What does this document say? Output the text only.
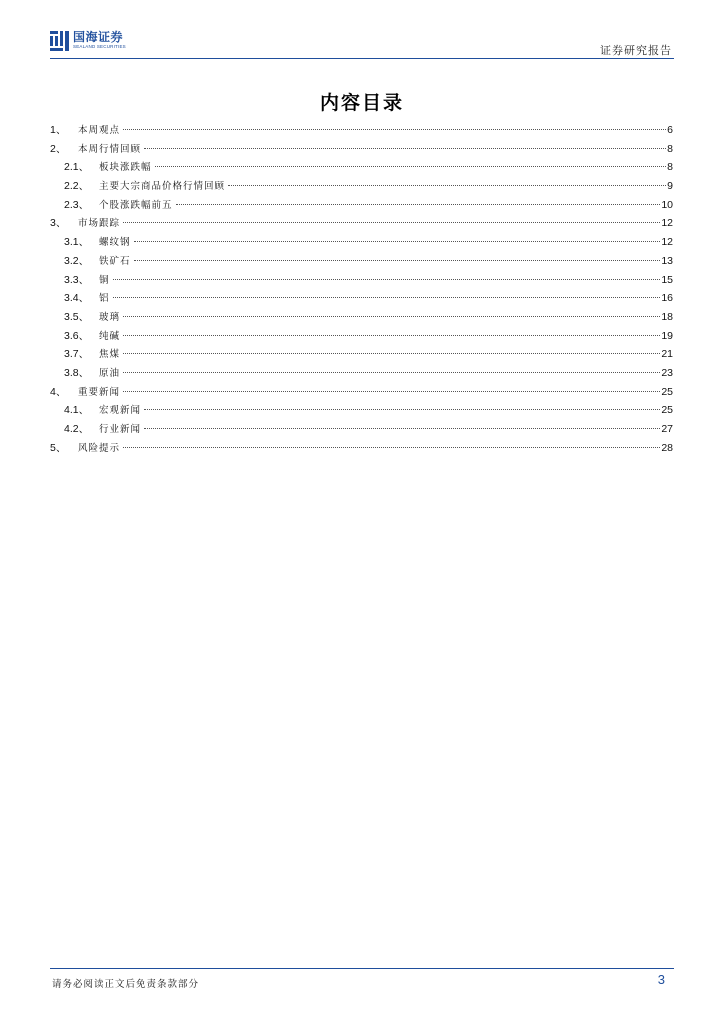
国海证券
SEALAND SECURITIES	证券研究报告
内容目录
1、	本周观点	6
2、	本周行情回顾	8
2.1、	板块涨跌幅	8
2.2、	主要大宗商品价格行情回顾	9
2.3、	个股涨跌幅前五	10
3、	市场跟踪	12
3.1、	螺纹钢	12
3.2、	铁矿石	13
3.3、	铜	15
3.4、	铝	16
3.5、	玻璃	18
3.6、	纯碱	19
3.7、	焦煤	21
3.8、	原油	23
4、	重要新闻	25
4.1、	宏观新闻	25
4.2、	行业新闻	27
5、	风险提示	28
请务必阅读正文后免责条款部分	3
